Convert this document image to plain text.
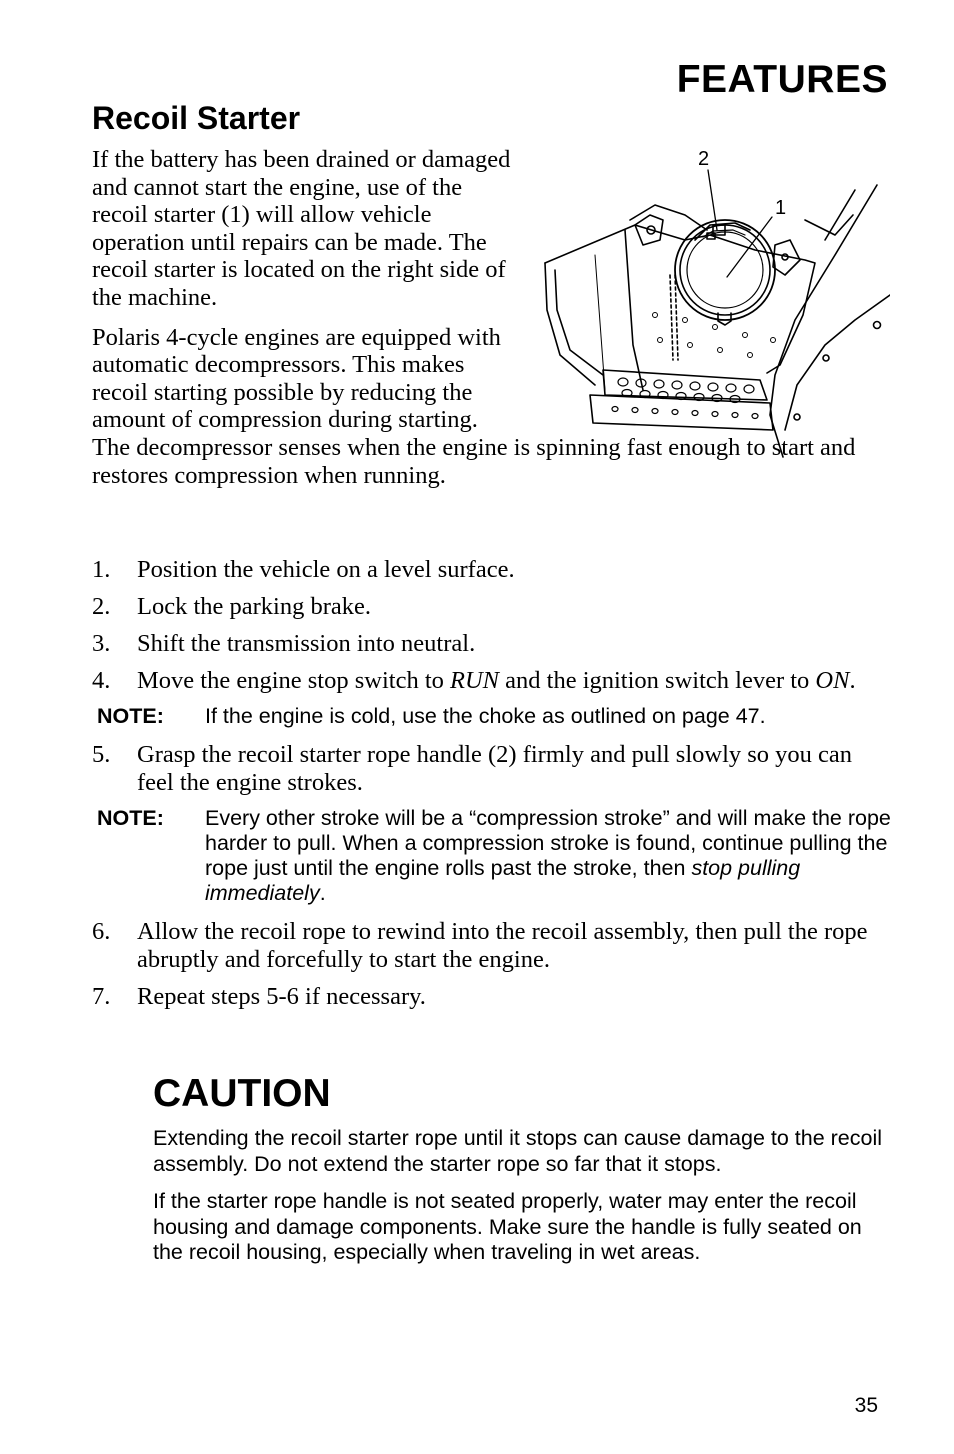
FEATURES
Recoil Starter

If the battery has been drained or damaged and cannot start the engine, use of the recoil starter (1) will allow vehicle operation until repairs can be made. The recoil starter is located on the right side of the machine.

Polaris 4-cycle engines are equipped with automatic decompressors. This makes recoil starting possible by reducing the amount of compression during starting.
The decompressor senses when the engine is spinning fast enough to start and restores compression when running.

2
1
1. Position the vehicle on a level surface.
2. Lock the parking brake.
3. Shift the transmission into neutral.
4. Move the engine stop switch to RUN and the ignition switch lever to ON.
NOTE: If the engine is cold, use the choke as outlined on page 47.
5. Grasp the recoil starter rope handle (2) firmly and pull slowly so you can feel the engine strokes.
NOTE: Every other stroke will be a “compression stroke” and will make the rope harder to pull. When a compression stroke is found, continue pulling the rope just until the engine rolls past the stroke, then stop pulling immediately.
6. Allow the recoil rope to rewind into the recoil assembly, then pull the rope abruptly and forcefully to start the engine.
7. Repeat steps 5-6 if necessary.
CAUTION

Extending the recoil starter rope until it stops can cause damage to the recoil assembly. Do not extend the starter rope so far that it stops.

If the starter rope handle is not seated properly, water may enter the recoil housing and damage components. Make sure the handle is fully seated on the recoil housing, especially when traveling in wet areas.

35
